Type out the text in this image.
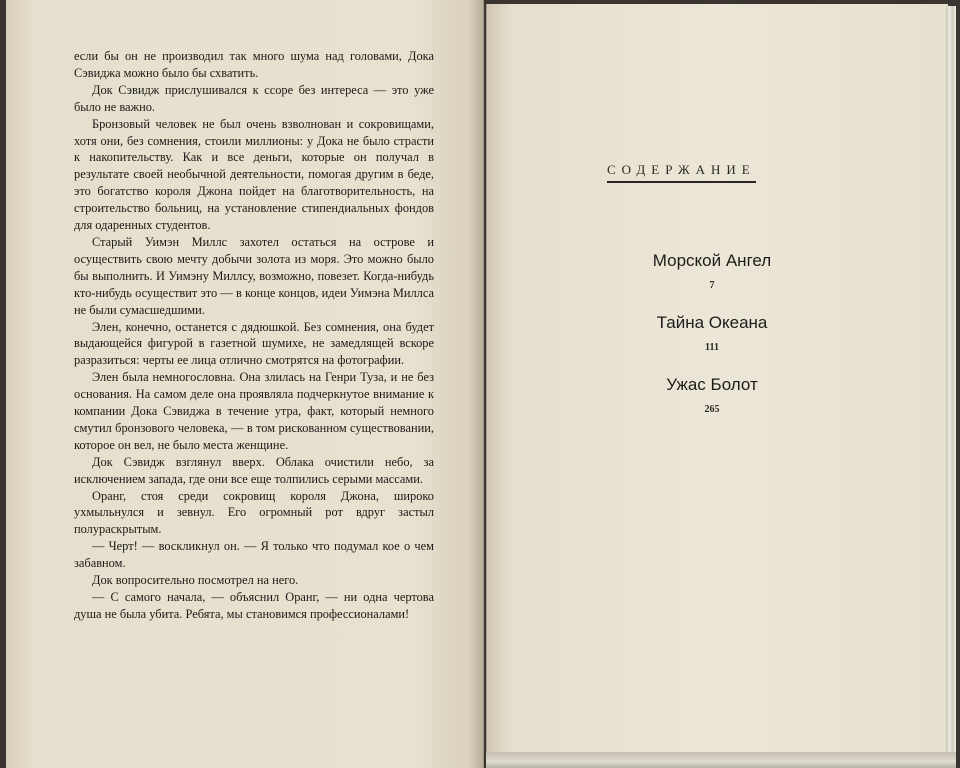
если бы он не производил так много шума над головами, Дока Сэвиджа можно было бы схватить.

Док Сэвидж прислушивался к ссоре без интереса — это уже было не важно.

Бронзовый человек не был очень взволнован и сокровищами, хотя они, без сомнения, стоили миллионы: у Дока не было страсти к накопительству. Как и все деньги, которые он получал в результате своей необычной деятельности, помогая другим в беде, это богатство короля Джона пойдет на благотворительность, на строительство больниц, на установление стипендиальных фондов для одаренных студентов.

Старый Уимэн Миллс захотел остаться на острове и осуществить свою мечту добычи золота из моря. Это можно было бы выполнить. И Уимэну Миллсу, возможно, повезет. Когда-нибудь кто-нибудь осуществит это — в конце концов, идеи Уимэна Миллса не были сумасшедшими.

Элен, конечно, останется с дядюшкой. Без сомнения, она будет выдающейся фигурой в газетной шумихе, не замедлящей вскоре разразиться: черты ее лица отлично смотрятся на фотографии.

Элен была немногословна. Она злилась на Генри Туза, и не без основания. На самом деле она проявляла подчеркнутое внимание к компании Дока Сэвиджа в течение утра, факт, который немного смутил бронзового человека, — в том рискованном существовании, которое он вел, не было места женщине.

Док Сэвидж взглянул вверх. Облака очистили небо, за исключением запада, где они все еще толпились серыми массами.

Оранг, стоя среди сокровищ короля Джона, широко ухмыльнулся и зевнул. Его огромный рот вдруг застыл полураскрытым.

— Черт! — воскликнул он. — Я только что подумал кое о чем забавном.

Док вопросительно посмотрел на него.

— С самого начала, — объяснил Оранг, — ни одна чертова душа не была убита. Ребята, мы становимся профессионалами!

СОДЕРЖАНИЕ
Морской Ангел
7
Тайна Океана
111
Ужас Болот
265
